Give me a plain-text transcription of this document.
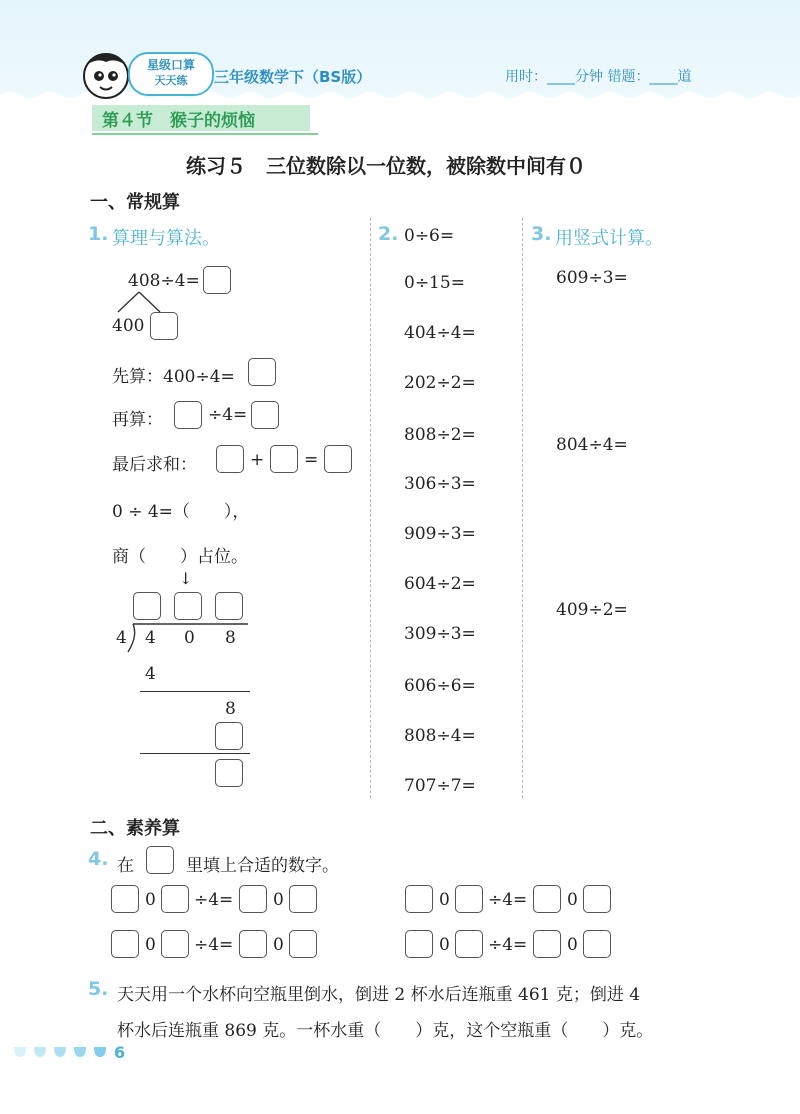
星级口算
天天练	三年级数学下（BS版）	用时：____分钟 错题：____道
第４节　猴子的烦恼
练习５　三位数除以一位数，被除数中间有０
一、常规算
1. 算理与算法。
408÷4=
400
先算：400÷4=
再算：	÷4=
最后求和：	+ =
0 ÷ 4=（　　），
商（　　）占位。
↓
4 4 0 8
4
8
2. 0÷6=
0÷15=
404÷4=
202÷2=
808÷2=
306÷3=
909÷3=
604÷2=
309÷3=
606÷6=
808÷4=
707÷7=
3. 用竖式计算。
609÷3=
804÷4=
409÷2=
二、素养算
4. 在	里填上合适的数字。
0 ÷4= 0	0 ÷4= 0
0 ÷4= 0	0 ÷4= 0
5. 天天用一个水杯向空瓶里倒水，倒进 2 杯水后连瓶重 461 克；倒进 4
杯水后连瓶重 869 克。一杯水重（　　）克，这个空瓶重（　　）克。
6
